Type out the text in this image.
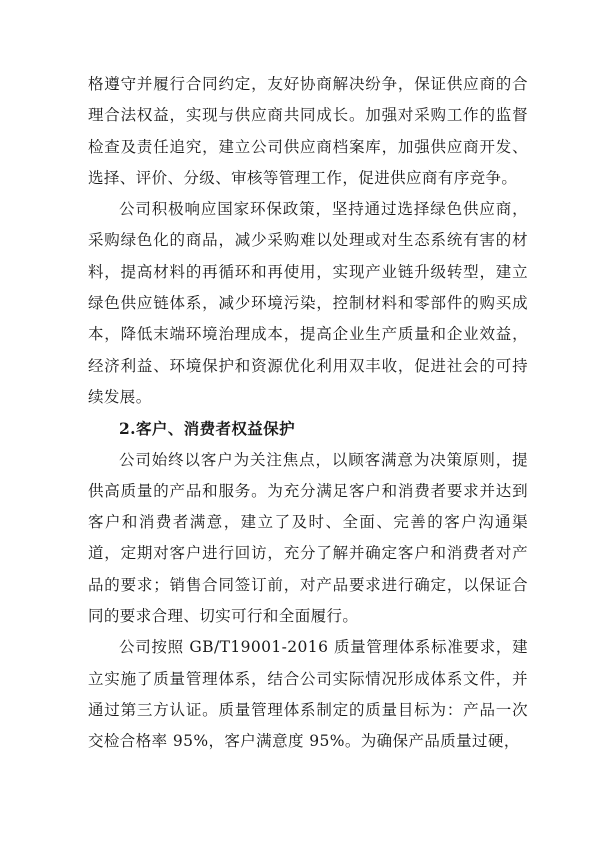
格遵守并履行合同约定，友好协商解决纷争，保证供应商的合理合法权益，实现与供应商共同成长。加强对采购工作的监督检查及责任追究，建立公司供应商档案库，加强供应商开发、选择、评价、分级、审核等管理工作，促进供应商有序竞争。

公司积极响应国家环保政策，坚持通过选择绿色供应商，采购绿色化的商品，减少采购难以处理或对生态系统有害的材料，提高材料的再循环和再使用，实现产业链升级转型，建立绿色供应链体系，减少环境污染，控制材料和零部件的购买成本，降低末端环境治理成本，提高企业生产质量和企业效益，经济利益、环境保护和资源优化利用双丰收，促进社会的可持续发展。

2.客户、消费者权益保护

公司始终以客户为关注焦点，以顾客满意为决策原则，提供高质量的产品和服务。为充分满足客户和消费者要求并达到客户和消费者满意，建立了及时、全面、完善的客户沟通渠道，定期对客户进行回访，充分了解并确定客户和消费者对产品的要求；销售合同签订前，对产品要求进行确定，以保证合同的要求合理、切实可行和全面履行。

公司按照 GB/T19001-2016 质量管理体系标准要求，建立实施了质量管理体系，结合公司实际情况形成体系文件，并通过第三方认证。质量管理体系制定的质量目标为：产品一次交检合格率 95%，客户满意度 95%。为确保产品质量过硬，
